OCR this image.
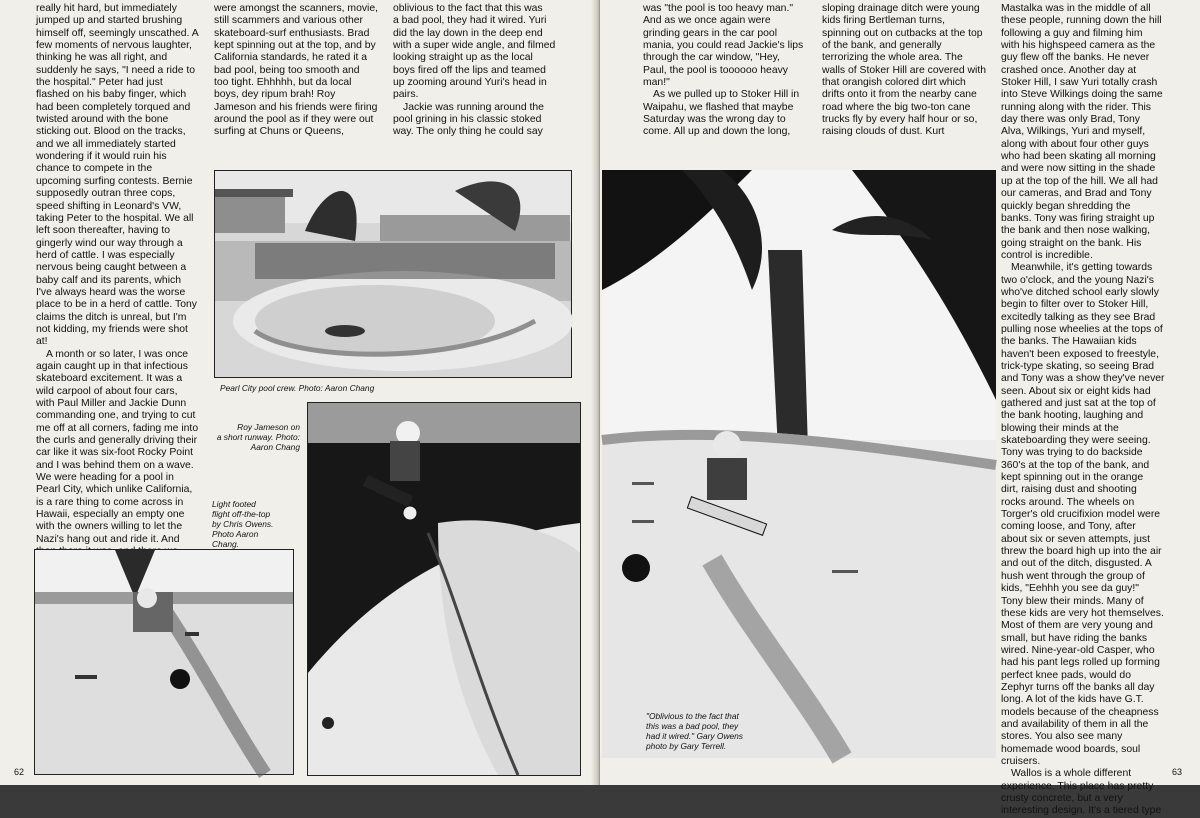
really hit hard, but immediately
jumped up and started brushing
himself off, seemingly unscathed. A
few moments of nervous laughter,
thinking he was all right, and
suddenly he says, "I need a ride to
the hospital." Peter had just
flashed on his baby finger, which
had been completely torqued and
twisted around with the bone
sticking out. Blood on the tracks,
and we all immediately started
wondering if it would ruin his
chance to compete in the
upcoming surfing contests. Bernie
supposedly outran three cops,
speed shifting in Leonard's VW,
taking Peter to the hospital. We all
left soon thereafter, having to
gingerly wind our way through a
herd of cattle. I was especially
nervous being caught between a
baby calf and its parents, which
I've always heard was the worse
place to be in a herd of cattle. Tony
claims the ditch is unreal, but I'm
not kidding, my friends were shot
at!

A month or so later, I was once
again caught up in that infectious
skateboard excitement. It was a
wild carpool of about four cars,
with Paul Miller and Jackie Dunn
commanding one, and trying to cut
me off at all corners, fading me into
the curls and generally driving their
car like it was six-foot Rocky Point
and I was behind them on a wave.
We were heading for a pool in
Pearl City, which unlike California,
is a rare thing to come across in
Hawaii, especially an empty one
with the owners willing to let the
Nazi's hang out and ride it. And

were amongst the scanners, movie,
still scammers and various other
skateboard-surf enthusiasts. Brad
kept spinning out at the top, and by
California standards, he rated it a
bad pool, being too smooth and
too tight. Ehhhhh, but da local
boys, dey ripum brah! Roy
Jameson and his friends were firing
around the pool as if they were out
surfing at Chuns or Queens,

oblivious to the fact that this was
a bad pool, they had it wired. Yuri
did the lay down in the deep end
with a super wide angle, and filmed
looking straight up as the local
boys fired off the lips and teamed
up zooming around Yuri's head in
pairs.

Jackie was running around the
pool grining in his classic stoked
way. The only thing he could say

Pearl City pool crew. Photo: Aaron Chang
Roy Jameson on
a short runway. Photo:
Aaron Chang
Light footed
flight off-the-top
by Chris Owens.
Photo Aaron
Chang.
62

was "the pool is too heavy man."
And as we once again were
grinding gears in the car pool
mania, you could read Jackie's lips
through the car window, "Hey,
Paul, the pool is toooooo heavy
man!"

As we pulled up to Stoker Hill in
Waipahu, we flashed that maybe
Saturday was the wrong day to
come. All up and down the long,

sloping drainage ditch were young
kids firing Bertleman turns,
spinning out on cutbacks at the top
of the bank, and generally
terrorizing the whole area. The
walls of Stoker Hill are covered with
that orangish colored dirt which
drifts onto it from the nearby cane
road where the big two-ton cane
trucks fly by every half hour or so,
raising clouds of dust. Kurt

Mastalka was in the middle of all
these people, running down the hill
following a guy and filming him
with his highspeed camera as the
guy flew off the banks. He never
crashed once. Another day at
Stoker Hill, I saw Yuri totally crash
into Steve Wilkings doing the same
running along with the rider. This
day there was only Brad, Tony
Alva, Wilkings, Yuri and myself,
along with about four other guys
who had been skating all morning
and were now sitting in the shade
up at the top of the hill. We all had
our cameras, and Brad and Tony
quickly began shredding the
banks. Tony was firing straight up
the bank and then nose walking,
going straight on the bank. His
control is incredible.

Meanwhile, it's getting towards
two o'clock, and the young Nazi's
who've ditched school early slowly
begin to filter over to Stoker Hill,
excitedly talking as they see Brad
pulling nose wheelies at the tops of
the banks. The Hawaiian kids
haven't been exposed to freestyle,
trick-type skating, so seeing Brad
and Tony was a show they've never
seen. About six or eight kids had
gathered and just sat at the top of
the bank hooting, laughing and
blowing their minds at the
skateboarding they were seeing.
Tony was trying to do backside
360's at the top of the bank, and
kept spinning out in the orange
dirt, raising dust and shooting
rocks around. The wheels on
Torger's old crucifixion model were
coming loose, and Tony, after
about six or seven attempts, just
threw the board high up into the air
and out of the ditch, disgusted. A
hush went through the group of
kids, "Eehhh you see da guy!"
Tony blew their minds. Many of
these kids are very hot themselves.
Most of them are very young and
small, but have riding the banks
wired. Nine-year-old Casper, who
had his pant legs rolled up forming
perfect knee pads, would do
Zephyr turns off the banks all day
long. A lot of the kids have G.T.
models because of the cheapness
and availability of them in all the
stores. You also see many
homemade wood boards, soul
cruisers.

Wallos is a whole different
experience. This place has pretty
crusty concrete, but a very
interesting design. It's a tiered type

"Oblivious to the fact that
this was a bad pool, they
had it wired." Gary Owens
photo by Gary Terrell.
63
